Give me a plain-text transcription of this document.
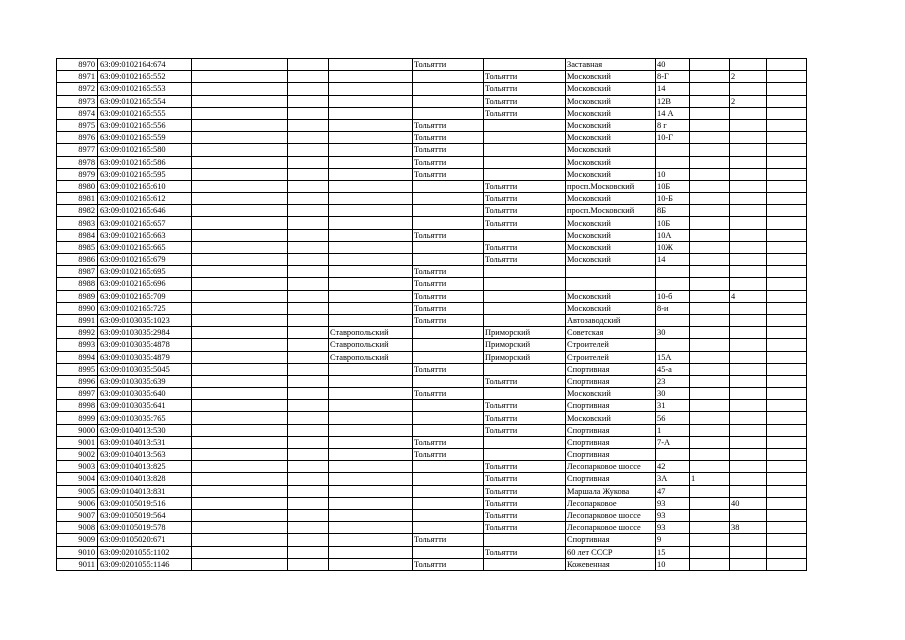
8970	63:09:0102164:674				Тольятти		Заставная	40			
8971	63:09:0102165:552					Тольятти	Московский	8-Г		2	
8972	63:09:0102165:553					Тольятти	Московский	14			
8973	63:09:0102165:554					Тольятти	Московский	12В		2	
8974	63:09:0102165:555					Тольятти	Московский	14 А			
8975	63:09:0102165:556				Тольятти		Московский	8 г			
8976	63:09:0102165:559				Тольятти		Московский	10-Г			
8977	63:09:0102165:580				Тольятти		Московский				
8978	63:09:0102165:586				Тольятти		Московский				
8979	63:09:0102165:595				Тольятти		Московский	10			
8980	63:09:0102165:610					Тольятти	просп.Московский	10Б			
8981	63:09:0102165:612					Тольятти	Московский	10-Б			
8982	63:09:0102165:646					Тольятти	просп.Московский	8Б			
8983	63:09:0102165:657					Тольятти	Московский	10Б			
8984	63:09:0102165:663				Тольятти		Московский	10А			
8985	63:09:0102165:665					Тольятти	Московский	10Ж			
8986	63:09:0102165:679					Тольятти	Московский	14			
8987	63:09:0102165:695				Тольятти						
8988	63:09:0102165:696				Тольятти						
8989	63:09:0102165:709				Тольятти		Московский	10-б		4	
8990	63:09:0102165:725				Тольятти		Московский	8-и			
8991	63:09:0103035:1023				Тольятти		Автозаводский				
8992	63:09:0103035:2984			Ставропольский		Приморский	Советская	30			
8993	63:09:0103035:4878			Ставропольский		Приморский	Строителей				
8994	63:09:0103035:4879			Ставропольский		Приморский	Строителей	15А			
8995	63:09:0103035:5045				Тольятти		Спортивная	45-а			
8996	63:09:0103035:639					Тольятти	Спортивная	23			
8997	63:09:0103035:640				Тольятти		Московский	30			
8998	63:09:0103035:641					Тольятти	Спортивная	31			
8999	63:09:0103035:765					Тольятти	Московский	56			
9000	63:09:0104013:530					Тольятти	Спортивная	1			
9001	63:09:0104013:531				Тольятти		Спортивная	7-А			
9002	63:09:0104013:563				Тольятти		Спортивная				
9003	63:09:0104013:825					Тольятти	Лесопарковое шоссе	42			
9004	63:09:0104013:828					Тольятти	Спортивная	3А	1		
9005	63:09:0104013:831					Тольятти	Маршала Жукова	47			
9006	63:09:0105019:516					Тольятти	Лесопарковое	93		40	
9007	63:09:0105019:564					Тольятти	Лесопарковое шоссе	93			
9008	63:09:0105019:578					Тольятти	Лесопарковое шоссе	93		38	
9009	63:09:0105020:671				Тольятти		Спортивная	9			
9010	63:09:0201055:1102					Тольятти	60 лет СССР	15			
9011	63:09:0201055:1146				Тольятти		Кожевенная	10			
